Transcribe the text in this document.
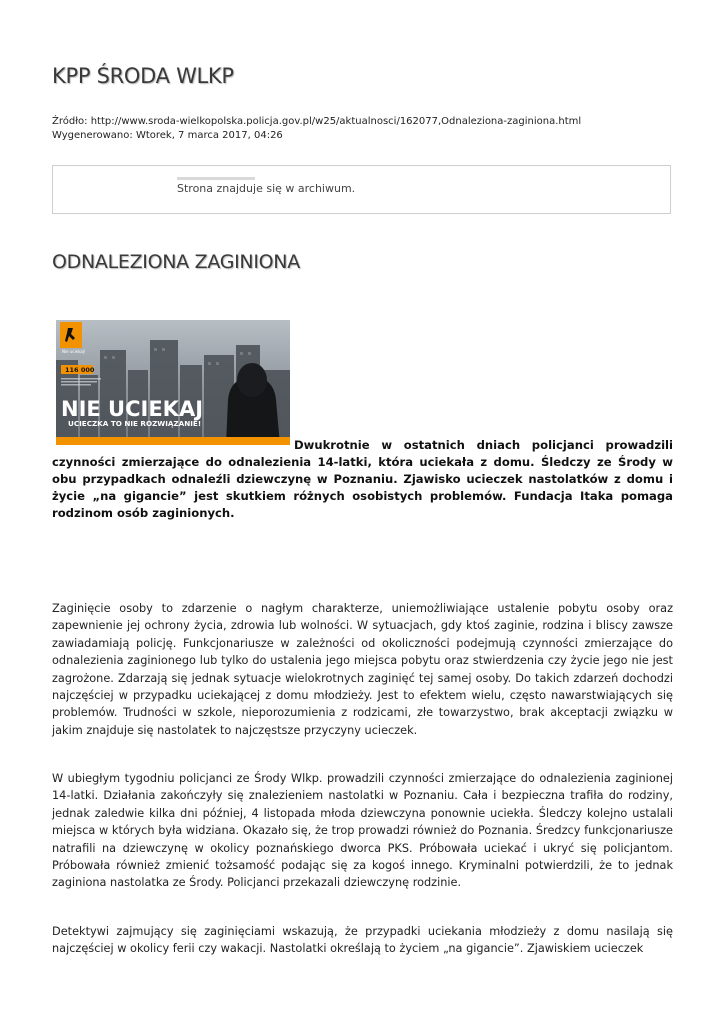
KPP ŚRODA WLKP
Źródło: http://www.sroda-wielkopolska.policja.gov.pl/w25/aktualnosci/162077,Odnaleziona-zaginiona.html
Wygenerowano: Wtorek, 7 marca 2017, 04:26
Strona znajduje się w archiwum.
ODNALEZIONA ZAGINIONA
Nie uciekaj!
116 000
NIE UCIEKAJ
UCIECZKA TO NIE ROZWIĄZANIE!

Dwukrotnie w ostatnich dniach policjanci prowadzili czynności zmierzające do odnalezienia 14-latki, która uciekała z domu. Śledczy ze Środy w obu przypadkach odnaleźli dziewczynę w Poznaniu. Zjawisko ucieczek nastolatków z domu i życie „na gigancie” jest skutkiem różnych osobistych problemów. Fundacja Itaka pomaga rodzinom osób zaginionych.

Zaginięcie osoby to zdarzenie o nagłym charakterze, uniemożliwiające ustalenie pobytu osoby oraz zapewnienie jej ochrony życia, zdrowia lub wolności. W sytuacjach, gdy ktoś zaginie, rodzina i bliscy zawsze zawiadamiają policję. Funkcjonariusze w zależności od okoliczności podejmują czynności zmierzające do odnalezienia zaginionego lub tylko do ustalenia jego miejsca pobytu oraz stwierdzenia czy życie jego nie jest zagrożone. Zdarzają się jednak sytuacje wielokrotnych zaginięć tej samej osoby. Do takich zdarzeń dochodzi najczęściej w przypadku uciekającej z domu młodzieży. Jest to efektem wielu, często nawarstwiających się problemów. Trudności w szkole, nieporozumienia z rodzicami, złe towarzystwo, brak akceptacji związku w jakim znajduje się nastolatek to najczęstsze przyczyny ucieczek.

W ubiegłym tygodniu policjanci ze Środy Wlkp. prowadzili czynności zmierzające do odnalezienia zaginionej 14-latki. Działania zakończyły się znalezieniem nastolatki w Poznaniu. Cała i bezpieczna trafiła do rodziny, jednak zaledwie kilka dni później, 4 listopada młoda dziewczyna ponownie uciekła. Śledczy kolejno ustalali miejsca w których była widziana. Okazało się, że trop prowadzi również do Poznania. Średzcy funkcjonariusze natrafili na dziewczynę w okolicy poznańskiego dworca PKS. Próbowała uciekać i ukryć się policjantom. Próbowała również zmienić tożsamość podając się za kogoś innego. Kryminalni potwierdzili, że to jednak zaginiona nastolatka ze Środy. Policjanci przekazali dziewczynę rodzinie.

Detektywi zajmujący się zaginięciami wskazują, że przypadki uciekania młodzieży z domu nasilają się najczęściej w okolicy ferii czy wakacji. Nastolatki określają to życiem „na gigancie”. Zjawiskiem ucieczek
